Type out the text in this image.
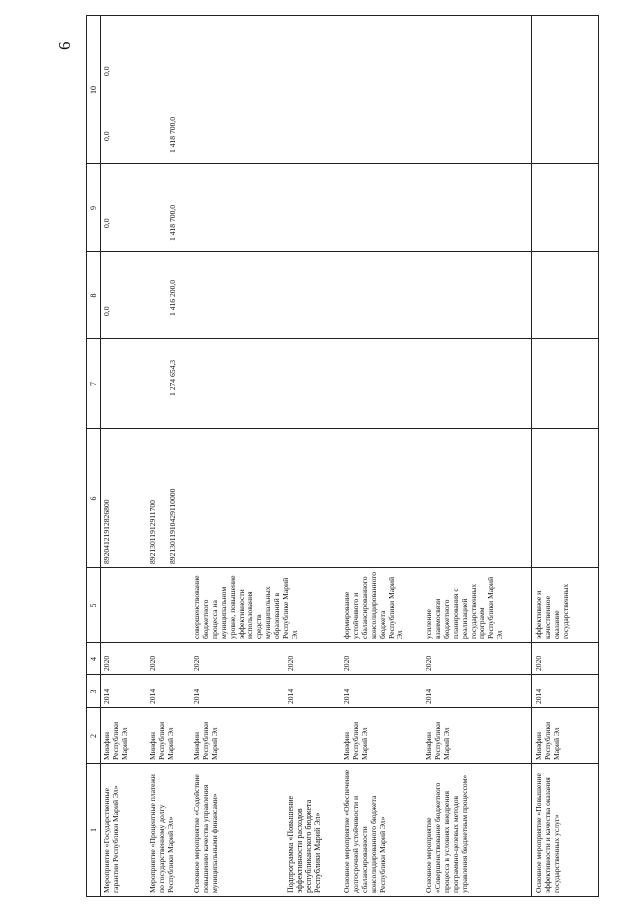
6
1
2
3
4
5
6
7
8
9
10
Мероприятие «Государственные гарантии Республики Марий Эл»
Минфин Республики Марий Эл
2014
2020
89204121912826800
0,0
0,0
0,0
0,0
Мероприятие «Процентные платежи по государственному долгу Республики Марий Эл»
Минфин Республики Марий Эл
2014
2020
89213011912911700 89213011910429110000
1 274 654,3
1 416 200,0
1 418 700,0
1 418 700,0
Основное мероприятие «Содействие повышению качества управления муниципальными финансами»
Минфин Республики Марий Эл
2014
2020
совершенствование бюджетного процесса на муниципальном уровне, повышение эффективности использования средств муниципальных образований в Республике Марий Эл
Подпрограмма «Повышение эффективности расходов республиканского бюджета Республики Марий Эл»
2014
2020
Основное мероприятие «Обеспечение долгосрочной устойчивости и сбалансированности консолидированного бюджета Республики Марий Эл»
Минфин Республики Марий Эл
2014
2020
формирование устойчивого и сбалансированного консолидированного бюджета Республики Марий Эл
Основное мероприятие «Совершенствование бюджетного процесса в условиях внедрения программно-целевых методов управления бюджетным процессом»
Минфин Республики Марий Эл
2014
2020
усиление взаимосвязи бюджетного планирования с реализацией государственных программ Республики Марий Эл
Основное мероприятие «Повышение эффективности и качества оказания государственных услуг»
Минфин Республики Марий Эл
2014
2020
эффективное и качественное оказание государственных
